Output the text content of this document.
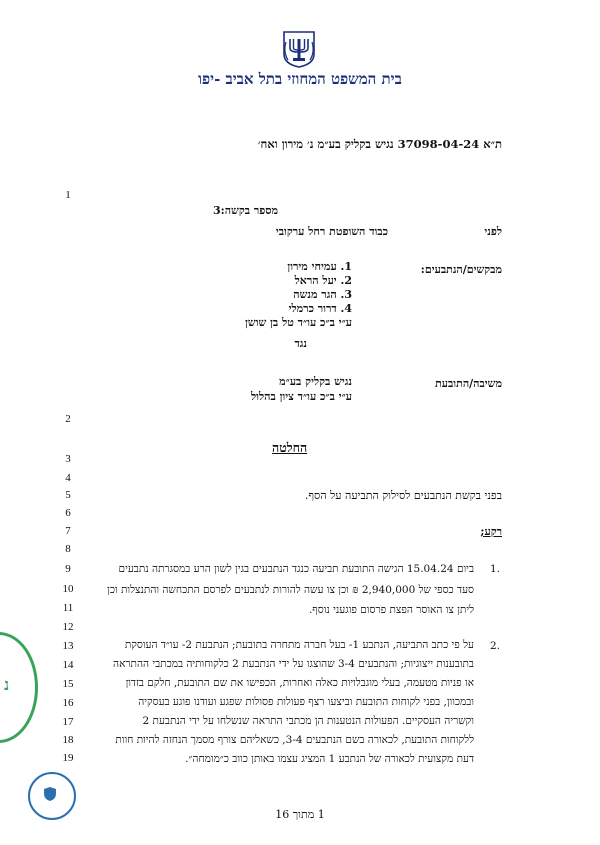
בית המשפט המחוזי בתל אביב -יפו
ת״א 37098-04-24 נגיש בקליק בע״מ נ׳ מירון ואח׳
1
2
3
4
5
6
7
8
9
10
11
12
13
14
15
16
17
18
19
מספר בקשה:3
לפני
כבוד השופטת רחל ערקובי
מבקשים/הנתבעים:
1. עמיחי מירון
2. יעל הראל
3. הגר מנשה
4. דרור כרמלי
ע״י ב״כ עו״ד טל בן שושן
נגד
משיבה/התובעת
נגיש בקליק בע״מ
ע״י ב״כ עו״ד ציון בהלול
החלטה
בפני בקשת הנתבעים לסילוק התביעה על הסף.
רקע;
.1
ביום 15.04.24 הגישה התובעת תביעה כנגד הנתבעים בגין לשון הרע במסגרתה נתבעים
סעד כספי של 2,940,000 ₪ וכן צו עשה להורות לנתבעים לפרסם התכחשה והתנצלות וכן
ליתן צו האוסר הפצת פרסום פוגעני נוסף.
.2
על פי כתב התביעה, הנתבע 1- בעל חברה מתחרה בתובעת; הנתבעת 2- עו״ד העוסקת
בתובענות ייצוגיות; והנתבעים 3-4 שהוצגו על ידי הנתבעת 2 כלקוחותיה במכתבי ההתראה
או פניות מטעמה, בעלי מוגבלויות כאלה ואחרות, הכפישו את שם התובעת, חלקם בזדון
ובמכוון, בפני לקוחות התובעת וביצעו רצף פעולות פסולות שפגע ועודנו פוגע בעסקיה
וקשריה העסקיים. הפעולות הנטענות הן מכתבי התראה שנשלחו על ידי הנתבעת 2
ללקוחות התובעת, לכאורה בשם הנתבעים 3-4, כשאליהם צורף מסמך הנחזה להיות חוות
דעת מקצועית לכאורה של הנתבע 1 המציג עצמו באותן כווב כ״מומחה״.
נ
1 מתוך 16
